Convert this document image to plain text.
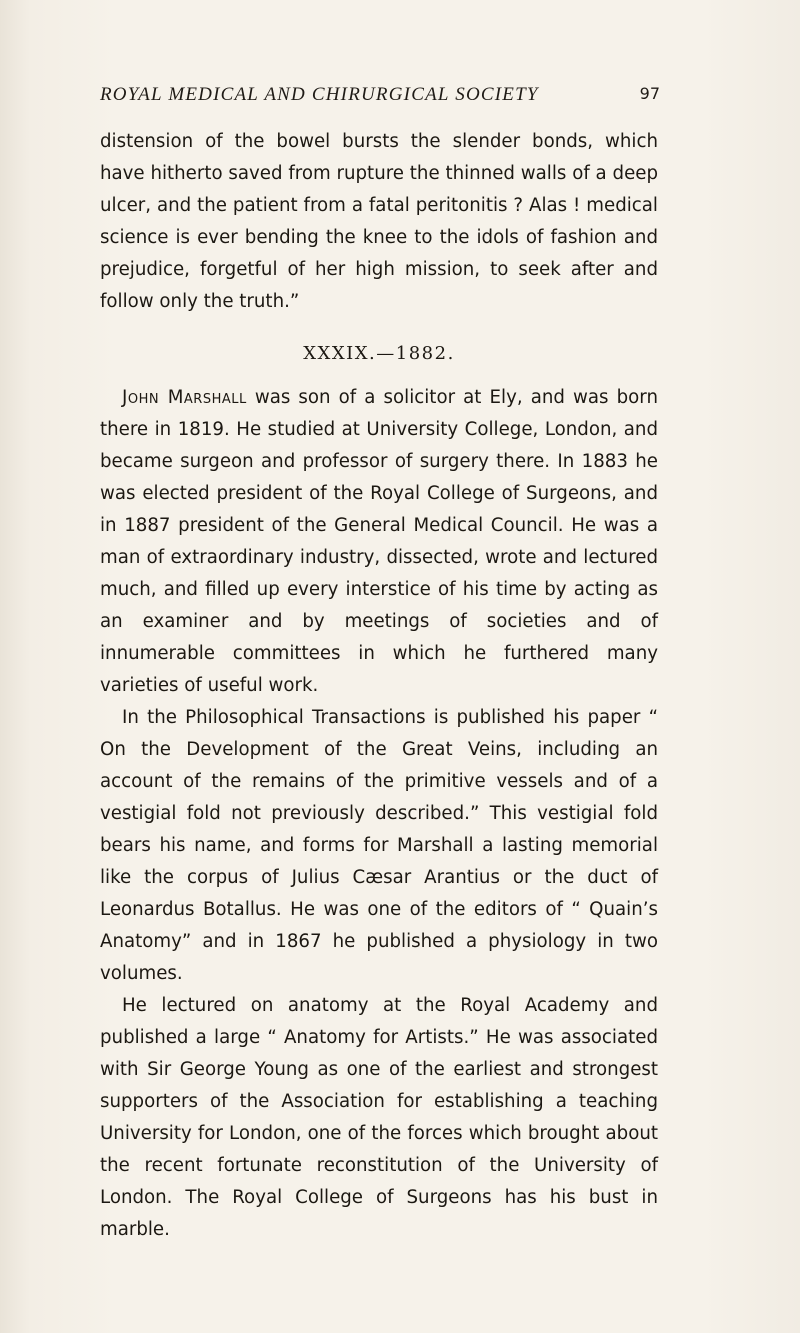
ROYAL MEDICAL AND CHIRURGICAL SOCIETY	97

distension of the bowel bursts the slender bonds, which have hitherto saved from rupture the thinned walls of a deep ulcer, and the patient from a fatal peritonitis ? Alas ! medical science is ever bending the knee to the idols of fashion and prejudice, forgetful of her high mission, to seek after and follow only the truth.”

XXXIX.—1882.

John Marshall was son of a solicitor at Ely, and was born there in 1819. He studied at University College, London, and became surgeon and professor of surgery there. In 1883 he was elected president of the Royal College of Surgeons, and in 1887 president of the General Medical Council. He was a man of extraordinary industry, dissected, wrote and lectured much, and filled up every interstice of his time by acting as an examiner and by meetings of societies and of innumerable committees in which he furthered many varieties of useful work.

In the Philosophical Transactions is published his paper “ On the Development of the Great Veins, including an account of the remains of the primitive vessels and of a vestigial fold not previously described.” This vestigial fold bears his name, and forms for Marshall a lasting memorial like the corpus of Julius Cæsar Arantius or the duct of Leonardus Botallus. He was one of the editors of “ Quain’s Anatomy” and in 1867 he published a physiology in two volumes.

He lectured on anatomy at the Royal Academy and published a large “ Anatomy for Artists.” He was associated with Sir George Young as one of the earliest and strongest supporters of the Association for establishing a teaching University for London, one of the forces which brought about the recent fortunate reconstitution of the University of London. The Royal College of Surgeons has his bust in marble.
